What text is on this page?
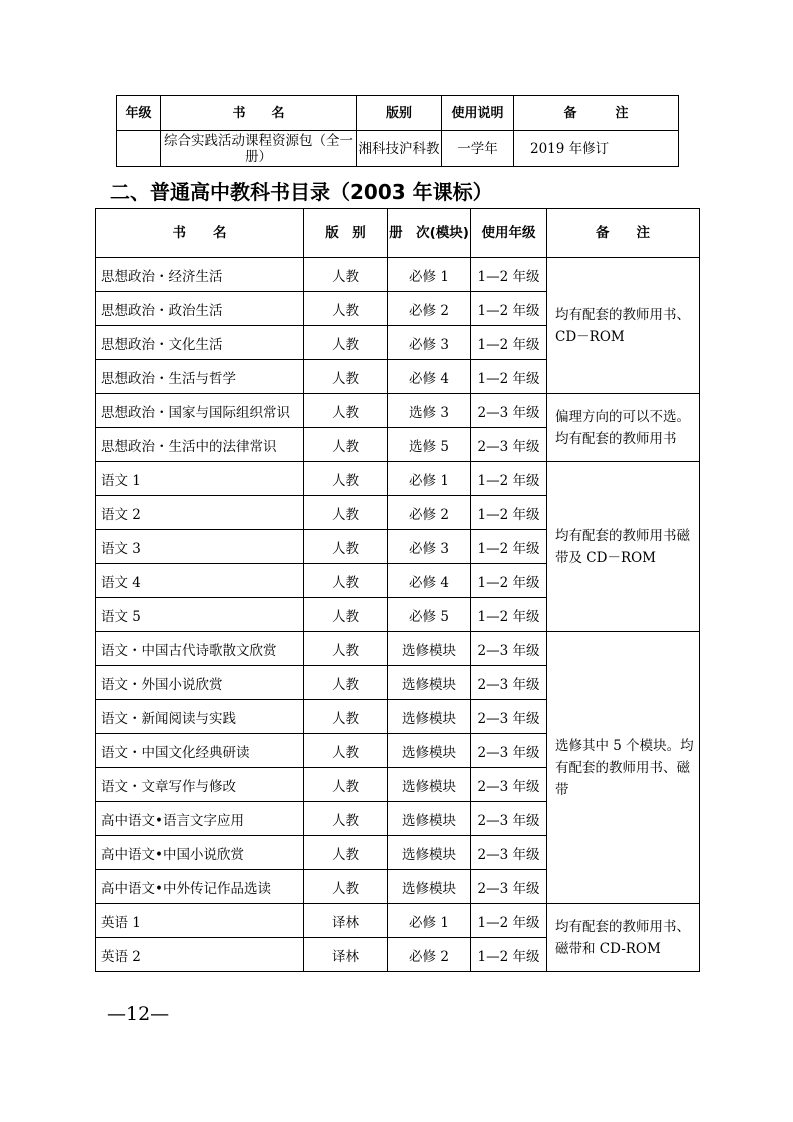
年级	书　　名	版别	使用说明	备　　　注
	综合实践活动课程资源包（全一册）	湘科技沪科教	一学年	2019 年修订
二、普通高中教科书目录（2003 年课标）
书　　名	版　别	册　次(模块)	使用年级	备　　注
思想政治・经济生活	人教	必修 1	1—2 年级	均有配套的教师用书、CD－ROM
思想政治・政治生活	人教	必修 2	1—2 年级	
思想政治・文化生活	人教	必修 3	1—2 年级	
思想政治・生活与哲学	人教	必修 4	1—2 年级	
思想政治・国家与国际组织常识	人教	选修 3	2—3 年级	偏理方向的可以不选。均有配套的教师用书
思想政治・生活中的法律常识	人教	选修 5	2—3 年级	
语文 1	人教	必修 1	1—2 年级	均有配套的教师用书磁带及 CD－ROM
语文 2	人教	必修 2	1—2 年级	
语文 3	人教	必修 3	1—2 年级	
语文 4	人教	必修 4	1—2 年级	
语文 5	人教	必修 5	1—2 年级	
语文・中国古代诗歌散文欣赏	人教	选修模块	2—3 年级	选修其中 5 个模块。均有配套的教师用书、磁带
语文・外国小说欣赏	人教	选修模块	2—3 年级	
语文・新闻阅读与实践	人教	选修模块	2—3 年级	
语文・中国文化经典研读	人教	选修模块	2—3 年级	
语文・文章写作与修改	人教	选修模块	2—3 年级	
高中语文•语言文字应用	人教	选修模块	2—3 年级	
高中语文•中国小说欣赏	人教	选修模块	2—3 年级	
高中语文•中外传记作品选读	人教	选修模块	2—3 年级	
英语 1	译林	必修 1	1—2 年级	均有配套的教师用书、磁带和 CD-ROM
英语 2	译林	必修 2	1—2 年级	
—12—
